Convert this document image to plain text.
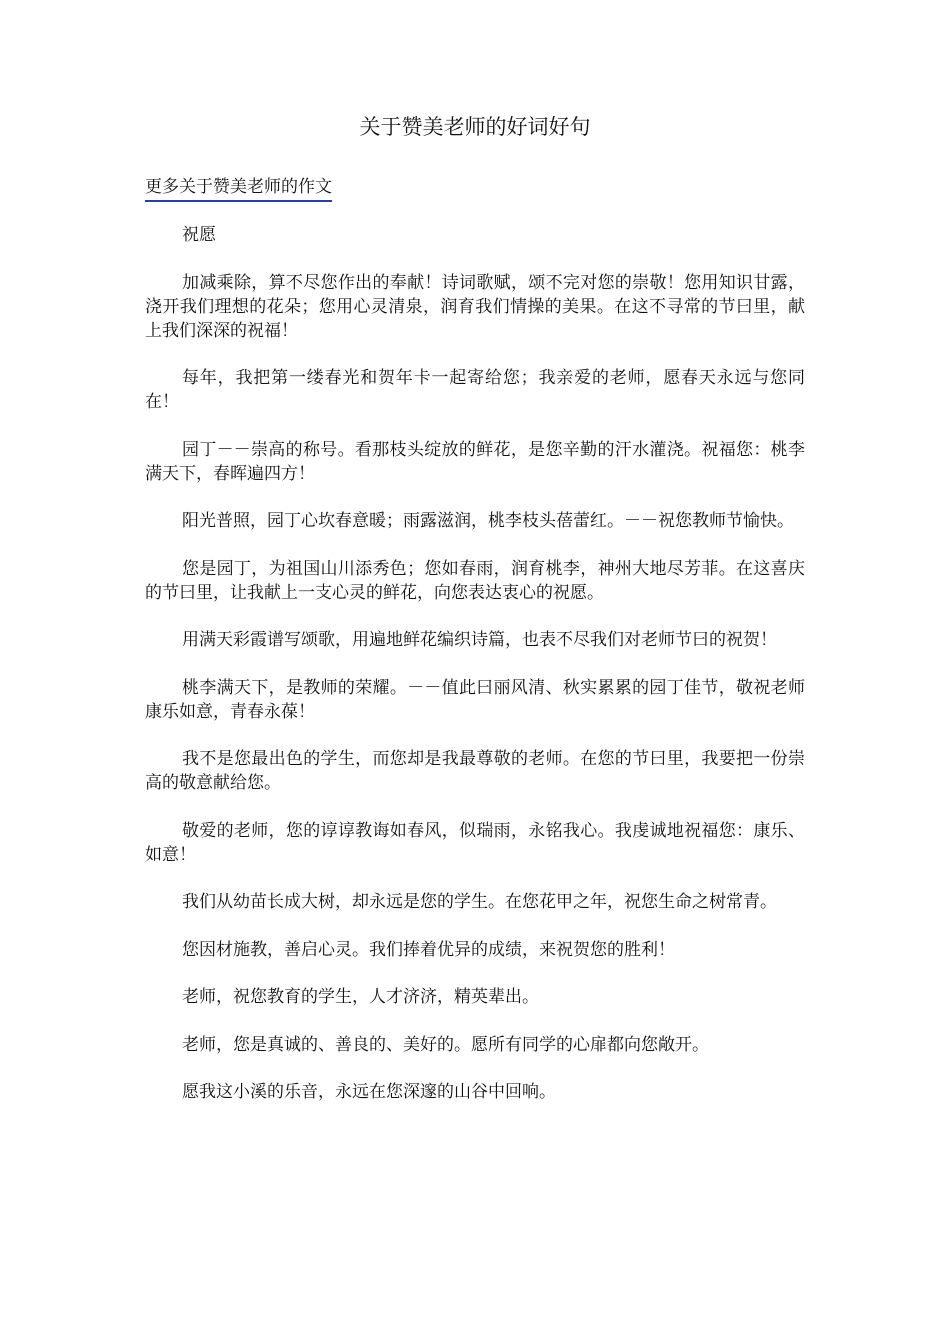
关于赞美老师的好词好句
更多关于赞美老师的作文

祝愿

加减乘除，算不尽您作出的奉献！诗词歌赋，颂不完对您的崇敬！您用知识甘露，浇开我们理想的花朵；您用心灵清泉，润育我们情操的美果。在这不寻常的节曰里，献上我们深深的祝福！

每年，我把第一缕春光和贺年卡一起寄给您；我亲爱的老师，愿春天永远与您同在！

园丁－－崇高的称号。看那枝头绽放的鲜花，是您辛勤的汗水灌浇。祝福您：桃李满天下，春晖遍四方！

阳光普照，园丁心坎春意暖；雨露滋润，桃李枝头蓓蕾红。－－祝您教师节愉快。

您是园丁，为祖国山川添秀色；您如春雨，润育桃李，神州大地尽芳菲。在这喜庆的节曰里，让我献上一支心灵的鲜花，向您表达衷心的祝愿。

用满天彩霞谱写颂歌，用遍地鲜花编织诗篇，也表不尽我们对老师节曰的祝贺！

桃李满天下，是教师的荣耀。－－值此曰丽风清、秋实累累的园丁佳节，敬祝老师康乐如意，青春永葆！

我不是您最出色的学生，而您却是我最尊敬的老师。在您的节曰里，我要把一份崇高的敬意献给您。

敬爱的老师，您的谆谆教诲如春风，似瑞雨，永铭我心。我虔诚地祝福您：康乐、如意！

我们从幼苗长成大树，却永远是您的学生。在您花甲之年，祝您生命之树常青。

您因材施教，善启心灵。我们捧着优异的成绩，来祝贺您的胜利！

老师，祝您教育的学生，人才济济，精英辈出。

老师，您是真诚的、善良的、美好的。愿所有同学的心扉都向您敞开。

愿我这小溪的乐音，永远在您深邃的山谷中回响。
